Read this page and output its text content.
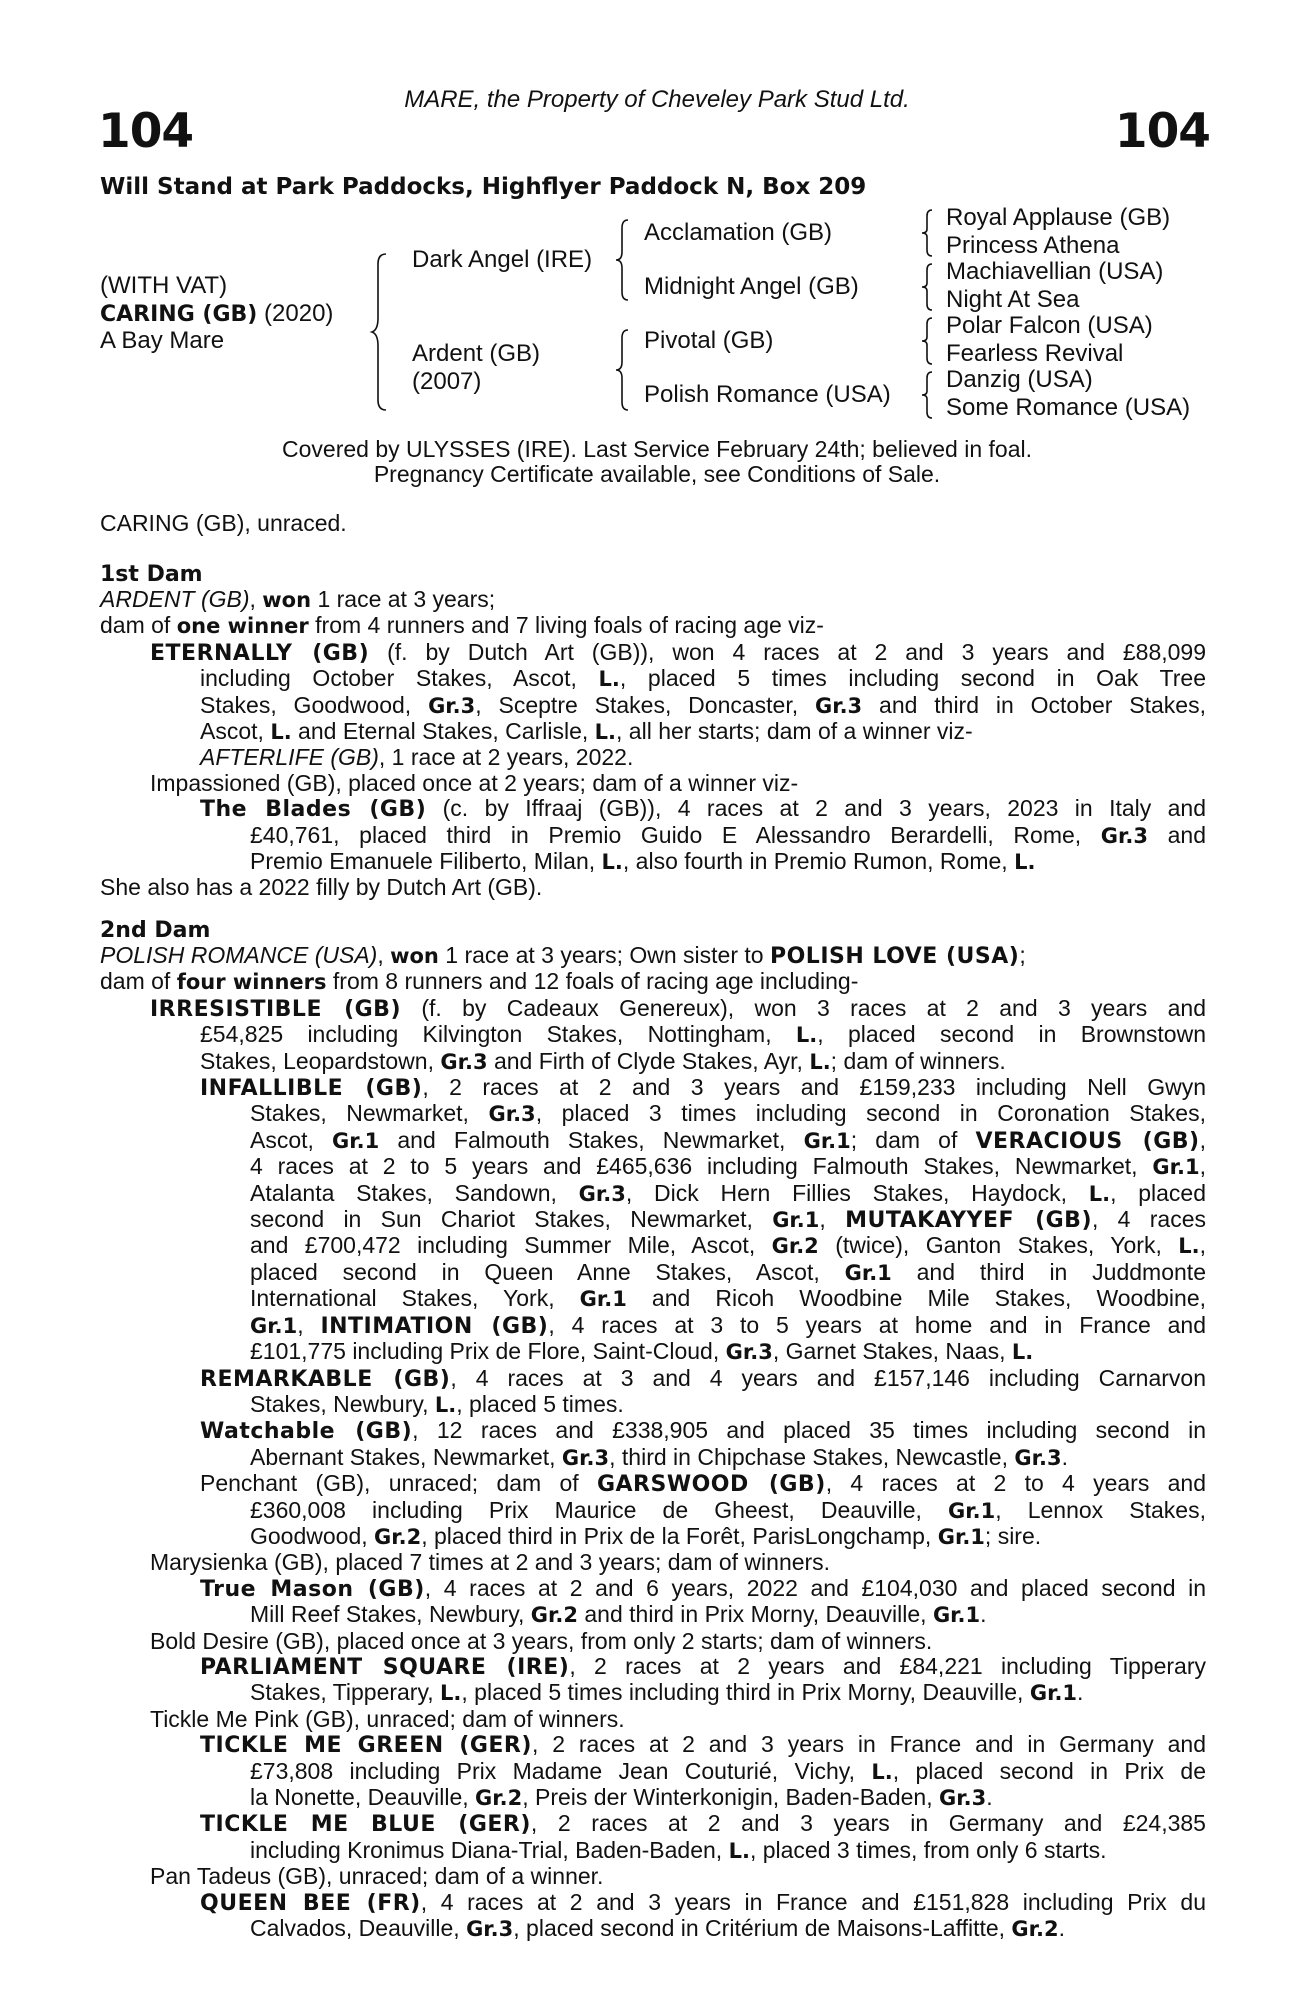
MARE, the Property of Cheveley Park Stud Ltd.
104	104
Will Stand at Park Paddocks, Highflyer Paddock N, Box 209
(WITH VAT)
CARING (GB) (2020)
A Bay Mare
Dark Angel (IRE)
Ardent (GB)
(2007)
Acclamation (GB)
Midnight Angel (GB)
Pivotal (GB)
Polish Romance (USA)
Royal Applause (GB)
Princess Athena
Machiavellian (USA)
Night At Sea
Polar Falcon (USA)
Fearless Revival
Danzig (USA)
Some Romance (USA)
Covered by ULYSSES (IRE). Last Service February 24th; believed in foal.
Pregnancy Certificate available, see Conditions of Sale.
CARING (GB), unraced.
1st Dam
ARDENT (GB), won 1 race at 3 years;
dam of one winner from 4 runners and 7 living foals of racing age viz-
ETERNALLY (GB) (f. by Dutch Art (GB)), won 4 races at 2 and 3 years and £88,099
including October Stakes, Ascot, L., placed 5 times including second in Oak Tree
Stakes, Goodwood, Gr.3, Sceptre Stakes, Doncaster, Gr.3 and third in October Stakes,
Ascot, L. and Eternal Stakes, Carlisle, L., all her starts; dam of a winner viz-
AFTERLIFE (GB), 1 race at 2 years, 2022.
Impassioned (GB), placed once at 2 years; dam of a winner viz-
The Blades (GB) (c. by Iffraaj (GB)), 4 races at 2 and 3 years, 2023 in Italy and
£40,761, placed third in Premio Guido E Alessandro Berardelli, Rome, Gr.3 and
Premio Emanuele Filiberto, Milan, L., also fourth in Premio Rumon, Rome, L.
She also has a 2022 filly by Dutch Art (GB).
2nd Dam
POLISH ROMANCE (USA), won 1 race at 3 years; Own sister to POLISH LOVE (USA);
dam of four winners from 8 runners and 12 foals of racing age including-
IRRESISTIBLE (GB) (f. by Cadeaux Genereux), won 3 races at 2 and 3 years and
£54,825 including Kilvington Stakes, Nottingham, L., placed second in Brownstown
Stakes, Leopardstown, Gr.3 and Firth of Clyde Stakes, Ayr, L.; dam of winners.
INFALLIBLE (GB), 2 races at 2 and 3 years and £159,233 including Nell Gwyn
Stakes, Newmarket, Gr.3, placed 3 times including second in Coronation Stakes,
Ascot, Gr.1 and Falmouth Stakes, Newmarket, Gr.1; dam of VERACIOUS (GB),
4 races at 2 to 5 years and £465,636 including Falmouth Stakes, Newmarket, Gr.1,
Atalanta Stakes, Sandown, Gr.3, Dick Hern Fillies Stakes, Haydock, L., placed
second in Sun Chariot Stakes, Newmarket, Gr.1, MUTAKAYYEF (GB), 4 races
and £700,472 including Summer Mile, Ascot, Gr.2 (twice), Ganton Stakes, York, L.,
placed second in Queen Anne Stakes, Ascot, Gr.1 and third in Juddmonte
International Stakes, York, Gr.1 and Ricoh Woodbine Mile Stakes, Woodbine,
Gr.1, INTIMATION (GB), 4 races at 3 to 5 years at home and in France and
£101,775 including Prix de Flore, Saint-Cloud, Gr.3, Garnet Stakes, Naas, L.
REMARKABLE (GB), 4 races at 3 and 4 years and £157,146 including Carnarvon
Stakes, Newbury, L., placed 5 times.
Watchable (GB), 12 races and £338,905 and placed 35 times including second in
Abernant Stakes, Newmarket, Gr.3, third in Chipchase Stakes, Newcastle, Gr.3.
Penchant (GB), unraced; dam of GARSWOOD (GB), 4 races at 2 to 4 years and
£360,008 including Prix Maurice de Gheest, Deauville, Gr.1, Lennox Stakes,
Goodwood, Gr.2, placed third in Prix de la Forêt, ParisLongchamp, Gr.1; sire.
Marysienka (GB), placed 7 times at 2 and 3 years; dam of winners.
True Mason (GB), 4 races at 2 and 6 years, 2022 and £104,030 and placed second in
Mill Reef Stakes, Newbury, Gr.2 and third in Prix Morny, Deauville, Gr.1.
Bold Desire (GB), placed once at 3 years, from only 2 starts; dam of winners.
PARLIAMENT SQUARE (IRE), 2 races at 2 years and £84,221 including Tipperary
Stakes, Tipperary, L., placed 5 times including third in Prix Morny, Deauville, Gr.1.
Tickle Me Pink (GB), unraced; dam of winners.
TICKLE ME GREEN (GER), 2 races at 2 and 3 years in France and in Germany and
£73,808 including Prix Madame Jean Couturié, Vichy, L., placed second in Prix de
la Nonette, Deauville, Gr.2, Preis der Winterkonigin, Baden-Baden, Gr.3.
TICKLE ME BLUE (GER), 2 races at 2 and 3 years in Germany and £24,385
including Kronimus Diana-Trial, Baden-Baden, L., placed 3 times, from only 6 starts.
Pan Tadeus (GB), unraced; dam of a winner.
QUEEN BEE (FR), 4 races at 2 and 3 years in France and £151,828 including Prix du
Calvados, Deauville, Gr.3, placed second in Critérium de Maisons-Laffitte, Gr.2.
